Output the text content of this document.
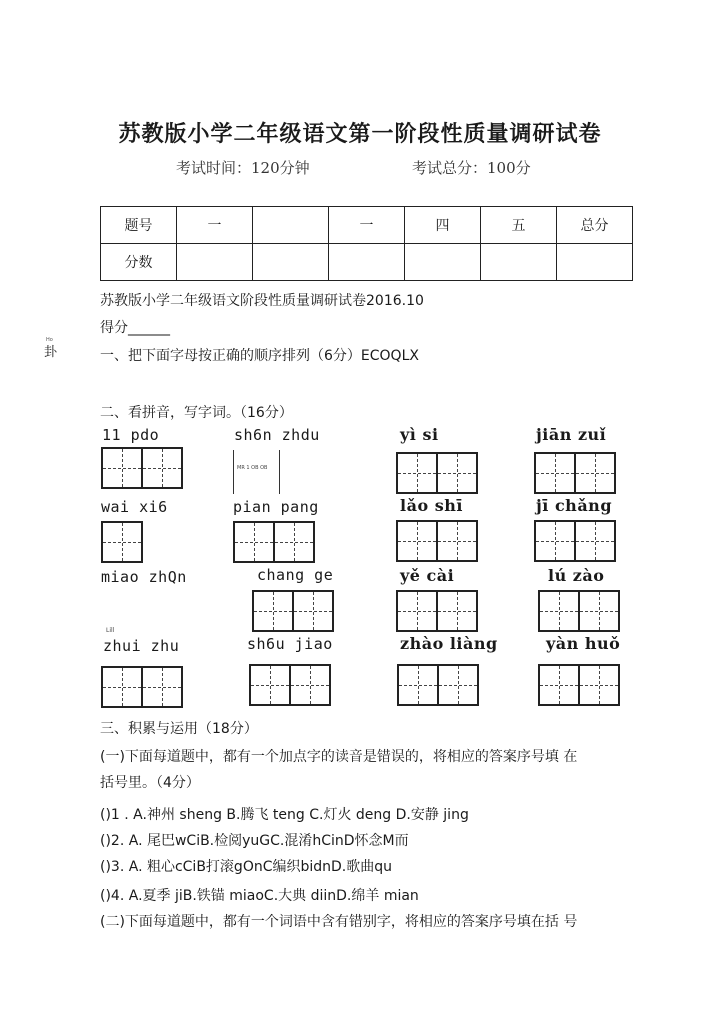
苏教版小学二年级语文第一阶段性质量调研试卷
考试时间：120分钟	考试总分：100分
题号	一		一	四	五	总分
分数						
苏教版小学二年级语文阶段性质量调研试卷2016.10
得分______
Ho
卦	一、把下面字母按正确的顺序排列（6分）ECOQLX
二、看拼音，写字词。（16分）
11 pdo	sh6n zhdu	yì si	jiān zuǐ
MR 1 OB OB
wai xi6	pian pang	lǎo shī	jī chǎng
miao zhQn	chang ge	yě cài	lú zào
Lill
zhui zhu	sh6u jiao	zhào liàng	yàn huǒ
三、积累与运用（18分）
(一)下面每道题中，都有一个加点字的读音是错误的，将相应的答案序号填 在
括号里。（4分）
()1 . A.神州 sheng B.腾飞 teng C.灯火 deng D.安静 jing
()2. A. 尾巴wCiB.检阅yuGC.混淆hCinD怀念M而
()3. A. 粗心cCiB打滚gOnC编织bidnD.歌曲qu
()4. A.夏季 jiB.铁锚 miaoC.大典 diinD.绵羊 mian
(二)下面每道题中，都有一个词语中含有错别字，将相应的答案序号填在括 号
